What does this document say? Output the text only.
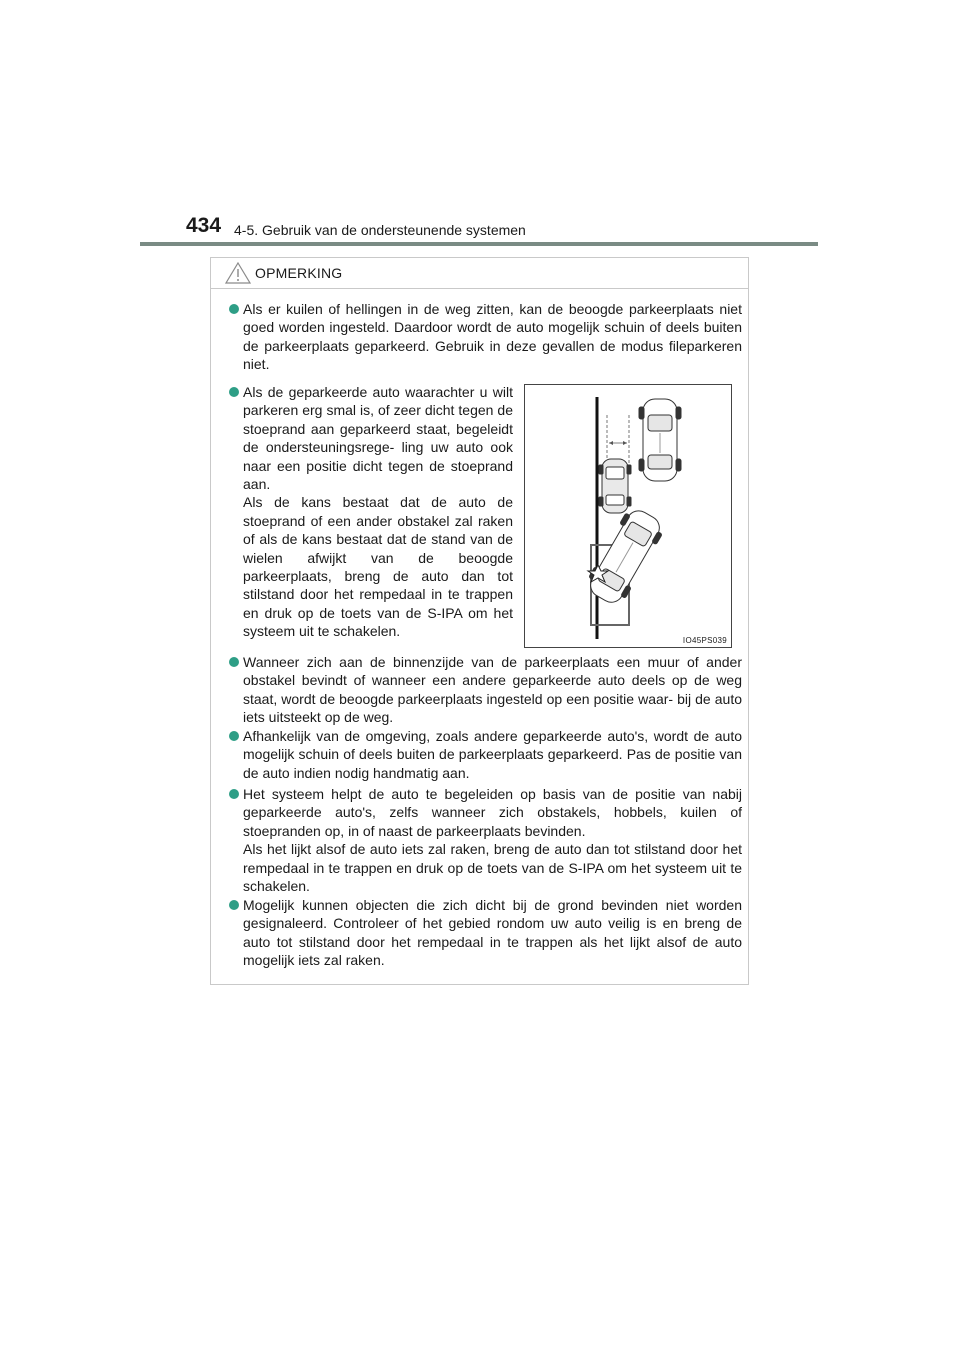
434 4-5. Gebruik van de ondersteunende systemen
OPMERKING

Als er kuilen of hellingen in de weg zitten, kan de beoogde parkeerplaats niet goed worden ingesteld. Daardoor wordt de auto mogelijk schuin of deels buiten de parkeerplaats geparkeerd. Gebruik in deze gevallen de modus fileparkeren niet.

Als de geparkeerde auto waarachter u wilt parkeren erg smal is, of zeer dicht tegen de stoeprand aan geparkeerd staat, begeleidt de ondersteuningsrege- ling uw auto ook naar een positie dicht tegen de stoeprand aan.

Als de kans bestaat dat de auto de stoeprand of een ander obstakel zal raken of als de kans bestaat dat de stand van de wielen afwijkt van de beoogde parkeerplaats, breng de auto dan tot stilstand door het rempedaal in te trappen en druk op de toets van de S-IPA om het systeem uit te schakelen.

IO45PS039

Wanneer zich aan de binnenzijde van de parkeerplaats een muur of ander obstakel bevindt of wanneer een andere geparkeerde auto deels op de weg staat, wordt de beoogde parkeerplaats ingesteld op een positie waar- bij de auto iets uitsteekt op de weg.

Afhankelijk van de omgeving, zoals andere geparkeerde auto's, wordt de auto mogelijk schuin of deels buiten de parkeerplaats geparkeerd. Pas de positie van de auto indien nodig handmatig aan.

Het systeem helpt de auto te begeleiden op basis van de positie van nabij geparkeerde auto's, zelfs wanneer zich obstakels, hobbels, kuilen of stoepranden op, in of naast de parkeerplaats bevinden.

Als het lijkt alsof de auto iets zal raken, breng de auto dan tot stilstand door het rempedaal in te trappen en druk op de toets van de S-IPA om het systeem uit te schakelen.

Mogelijk kunnen objecten die zich dicht bij de grond bevinden niet worden gesignaleerd. Controleer of het gebied rondom uw auto veilig is en breng de auto tot stilstand door het rempedaal in te trappen als het lijkt alsof de auto mogelijk iets zal raken.
